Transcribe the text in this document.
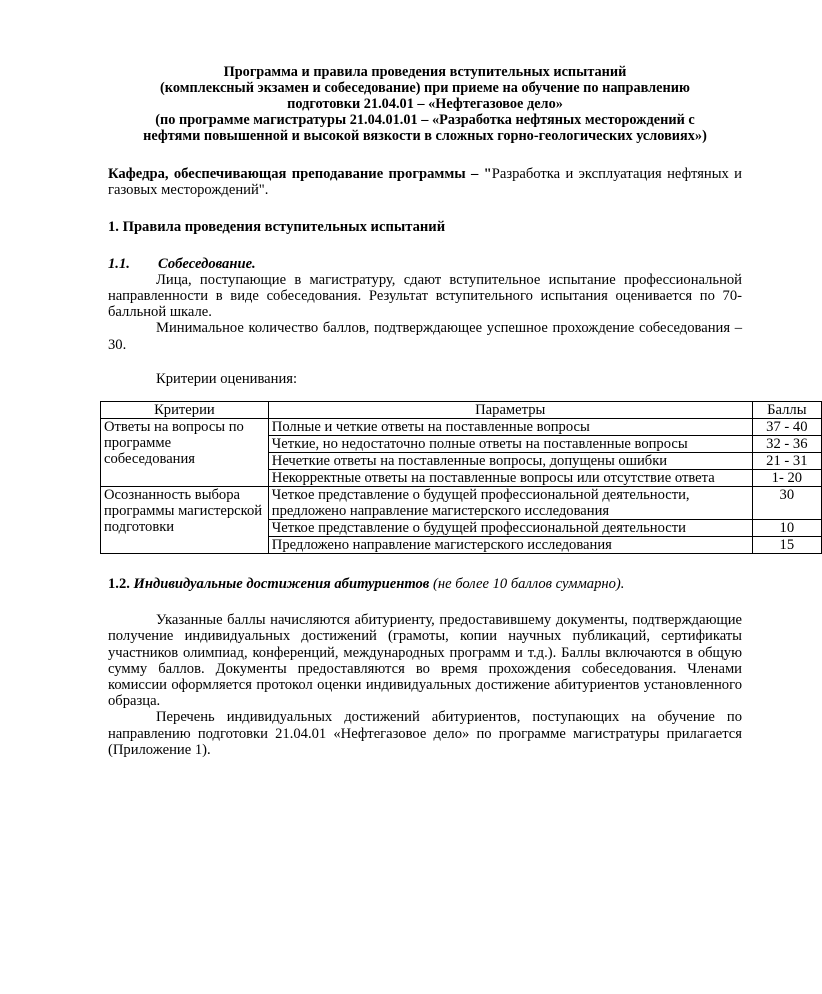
Программа и правила проведения вступительных испытаний
(комплексный экзамен и собеседование) при приеме на обучение по направлению
подготовки 21.04.01 – «Нефтегазовое дело»
(по программе магистратуры 21.04.01.01 – «Разработка нефтяных месторождений с
нефтями повышенной и высокой вязкости в сложных горно-геологических условиях»)

Кафедра, обеспечивающая преподавание программы – "Разработка и эксплуатация нефтяных и газовых месторождений".

1. Правила проведения вступительных испытаний

1.1. Собеседование.

Лица, поступающие в магистратуру, сдают вступительное испытание профессиональной направленности в виде собеседования. Результат вступительного испытания оценивается по 70-балльной шкале.

Минимальное количество баллов, подтверждающее успешное прохождение собеседования – 30.

Критерии оценивания:

Критерии	Параметры	Баллы
Ответы на вопросы по программе собеседования	Полные и четкие ответы на поставленные вопросы	37 - 40
	Четкие, но недостаточно полные ответы на поставленные вопросы	32 - 36
	Нечеткие ответы на поставленные вопросы, допущены ошибки	21 - 31
	Некорректные ответы на поставленные вопросы или отсутствие ответа	1- 20
Осознанность выбора программы магистерской подготовки	Четкое представление о будущей профессиональной деятельности, предложено направление магистерского исследования	30
	Четкое представление о будущей профессиональной деятельности	10
	Предложено направление магистерского исследования	15

1.2. Индивидуальные достижения абитуриентов (не более 10 баллов суммарно).

Указанные баллы начисляются абитуриенту, предоставившему документы, подтверждающие получение индивидуальных достижений (грамоты, копии научных публикаций, сертификаты участников олимпиад, конференций, международных программ и т.д.). Баллы включаются в общую сумму баллов. Документы предоставляются во время прохождения собеседования. Членами комиссии оформляется протокол оценки индивидуальных достижение абитуриентов установленного образца.

Перечень индивидуальных достижений абитуриентов, поступающих на обучение по направлению подготовки 21.04.01 «Нефтегазовое дело» по программе магистратуры прилагается (Приложение 1).
